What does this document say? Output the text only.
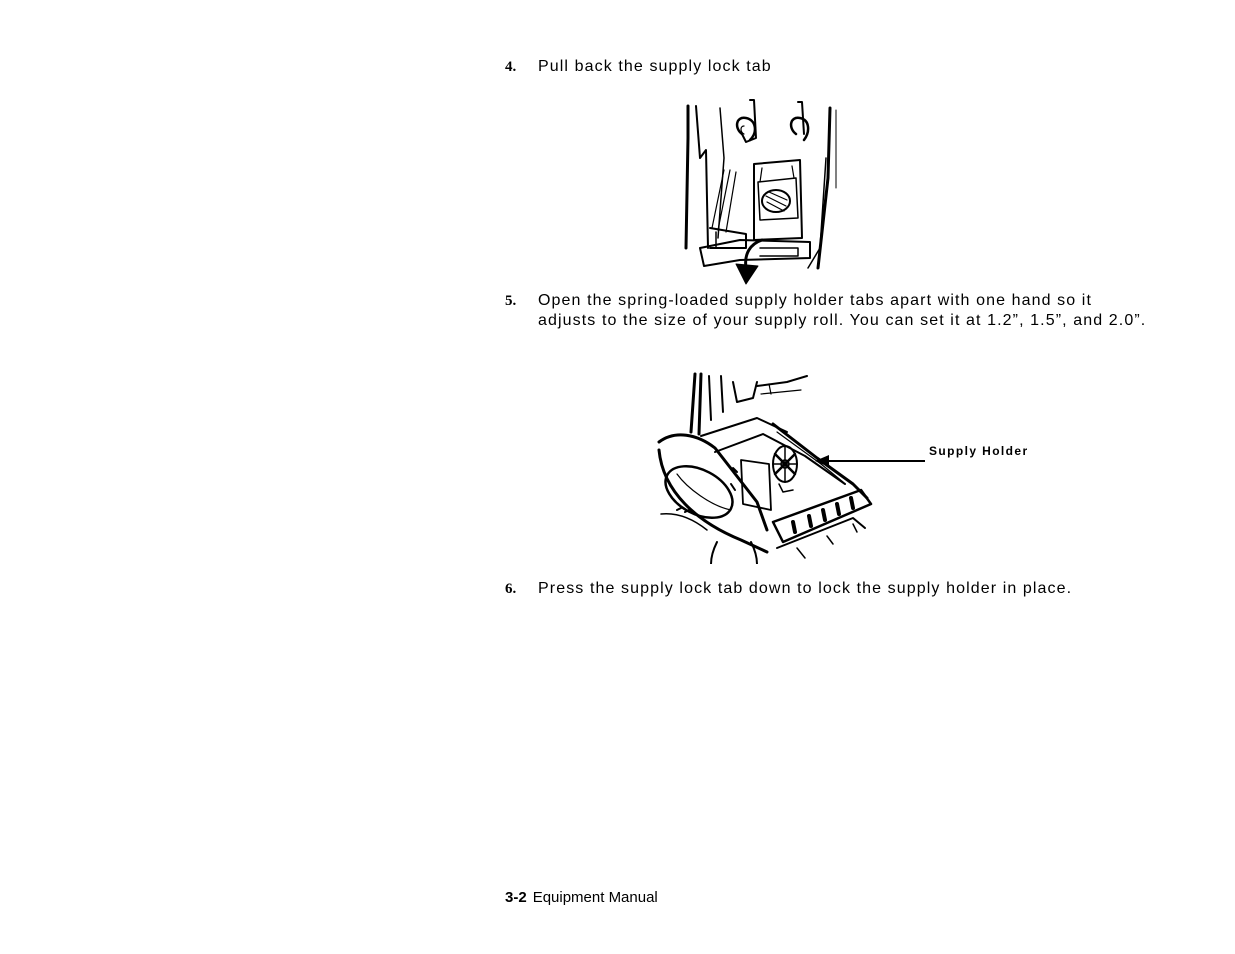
4. Pull back the supply lock tab
5. Open the spring-loaded supply holder tabs apart with one hand so it adjusts to the size of your supply roll. You can set it at 1.2”, 1.5”, and 2.0”.
Supply Holder
6. Press the supply lock tab down to lock the supply holder in place.
3-2 Equipment Manual
